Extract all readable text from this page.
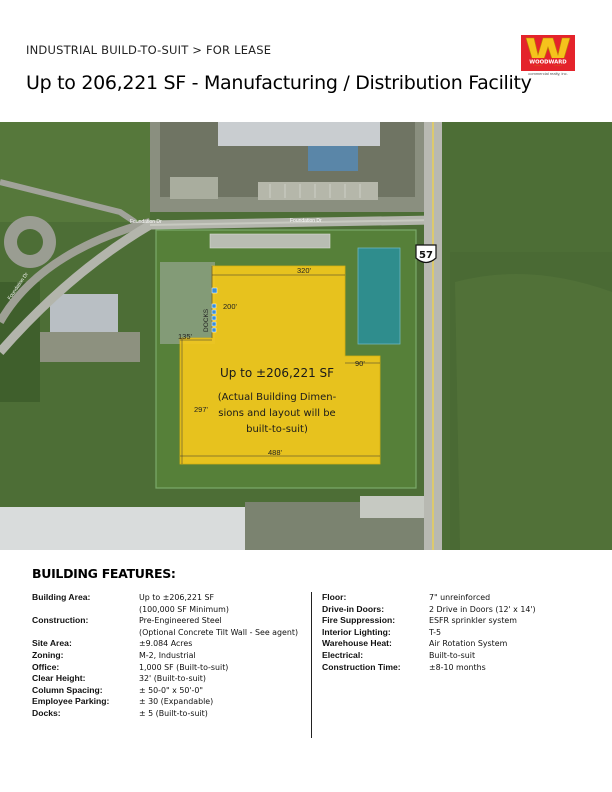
INDUSTRIAL BUILD-TO-SUIT > FOR LEASE
Up to 206,221 SF - Manufacturing / Distribution Facility
WOODWARD
commercial realty, inc.
Foundation Dr	Foundation Dr
Foundation Dr
320'
200'
135'
90'
297'
488'
DOCKS
Up to ±206,221 SF
(Actual Building Dimen-
sions and layout will be
built-to-suit)
57
BUILDING FEATURES:
Building Area:	Up to ±206,221 SF
(100,000 SF Minimum)
Construction:	Pre-Engineered Steel
(Optional Concrete Tilt Wall - See agent)
Site Area:	±9.084 Acres
Zoning:	M-2, Industrial
Office:	1,000 SF (Built-to-suit)
Clear Height:	32' (Built-to-suit)
Column Spacing:	± 50-0" x 50'-0"
Employee Parking:	± 30 (Expandable)
Docks:	± 5 (Built-to-suit)
Floor:	7" unreinforced
Drive-in Doors:	2 Drive in Doors (12' x 14')
Fire Suppression:	ESFR sprinkler system
Interior Lighting:	T-5
Warehouse Heat:	Air Rotation System
Electrical:	Built-to-suit
Construction Time:	±8-10 months
